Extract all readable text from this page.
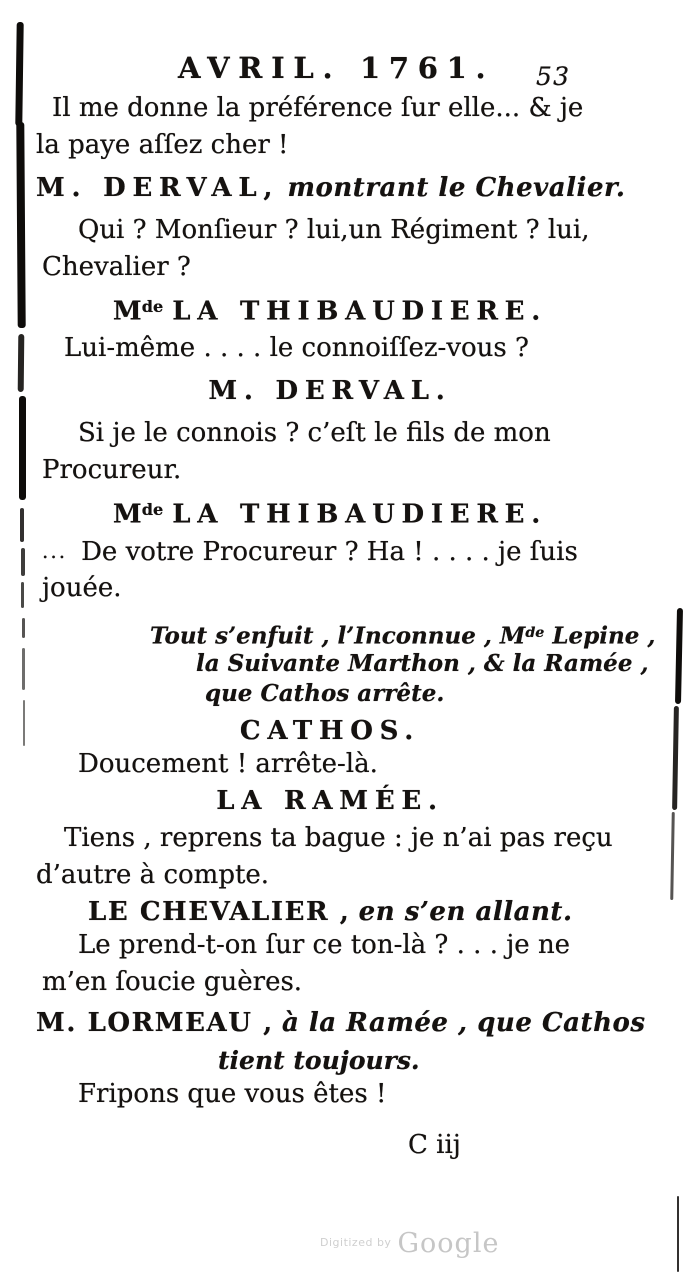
AVRIL. 1761. 53
Il me donne la préférence ſur elle... & je
la paye aſſez cher !
M. DERVAL, montrant le Chevalier.
Qui ? Monſieur ? lui,un Régiment ? lui,
Chevalier ?
Mde LA THIBAUDIERE.
Lui-même . . . . le connoiſſez-vous ?
M. DERVAL.
Si je le connois ? c’eſt le fils de mon
Procureur.
Mde LA THIBAUDIERE.
... De votre Procureur ? Ha ! . . . . je ſuis
jouée.
Tout s’enfuit , l’Inconnue , Mde Lepine ,
la Suivante Marthon , & la Ramée ,
que Cathos arrête.
CATHOS.
Doucement ! arrête-là.
LA RAMÉE.
Tiens , reprens ta bague : je n’ai pas reçu
d’autre à compte.
LE CHEVALIER , en s’en allant.
Le prend-t-on ſur ce ton-là ? . . . je ne
m’en ſoucie guères.
M. LORMEAU , à la Ramée , que Cathos
tient toujours.
Fripons que vous êtes !
C iij
$^{Digitized by}$ Google
